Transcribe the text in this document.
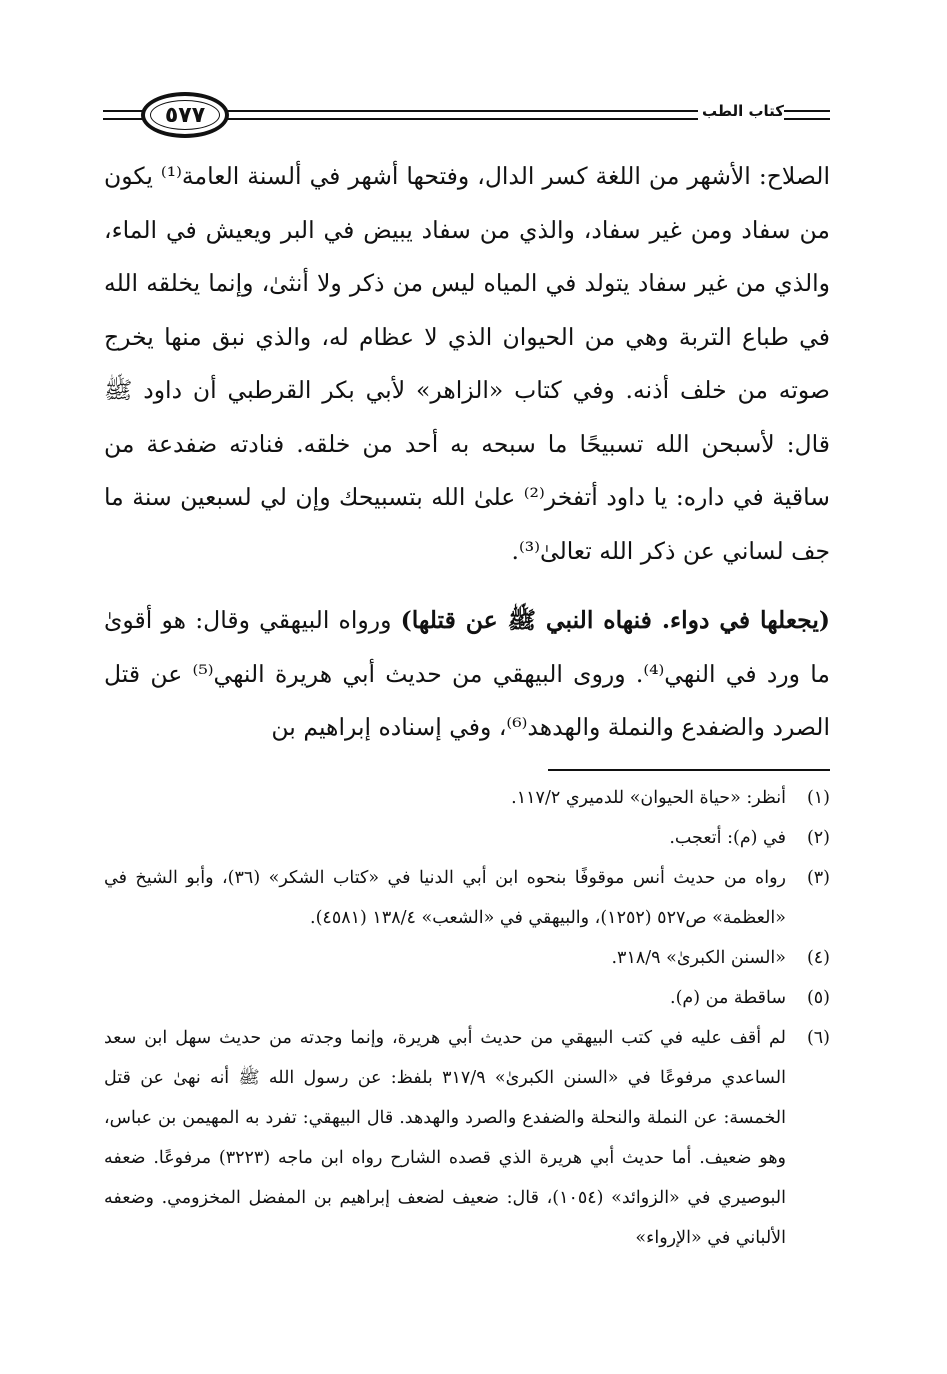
٥٧٧	كتاب الطب

الصلاح: الأشهر من اللغة كسر الدال، وفتحها أشهر في ألسنة العامة⁽¹⁾ يكون من سفاد ومن غير سفاد، والذي من سفاد يبيض في البر ويعيش في الماء، والذي من غير سفاد يتولد في المياه ليس من ذكر ولا أنثىٰ، وإنما يخلقه الله في طباع التربة وهي من الحيوان الذي لا عظام له، والذي نبق منها يخرج صوته من خلف أذنه. وفي كتاب «الزاهر» لأبي بكر القرطبي أن داود ﷺ قال: لأسبحن الله تسبيحًا ما سبحه به أحد من خلقه. فنادته ضفدعة من ساقية في داره: يا داود أتفخر⁽²⁾ علىٰ الله بتسبيحك وإن لي لسبعين سنة ما جف لساني عن ذكر الله تعالىٰ⁽³⁾.

(يجعلها في دواء. فنهاه النبي ﷺ عن قتلها) ورواه البيهقي وقال: هو أقوىٰ ما ورد في النهي⁽⁴⁾. وروى البيهقي من حديث أبي هريرة النهي⁽⁵⁾ عن قتل الصرد والضفدع والنملة والهدهد⁽⁶⁾، وفي إسناده إبراهيم بن

(١)
أنظر: «حياة الحيوان» للدميري ١١٧/٢.
(٢)
في (م): أتعجب.
(٣)
رواه من حديث أنس موقوفًا بنحوه ابن أبي الدنيا في «كتاب الشكر» (٣٦)، وأبو الشيخ في «العظمة» ص٥٢٧ (١٢٥٢)، والبيهقي في «الشعب» ١٣٨/٤ (٤٥٨١).
(٤)
«السنن الكبرىٰ» ٣١٨/٩.
(٥)
ساقطة من (م).
(٦)
لم أقف عليه في كتب البيهقي من حديث أبي هريرة، وإنما وجدته من حديث سهل ابن سعد الساعدي مرفوعًا في «السنن الكبرىٰ» ٣١٧/٩ بلفظ: عن رسول الله ﷺ أنه نهىٰ عن قتل الخمسة: عن النملة والنحلة والضفدع والصرد والهدهد. قال البيهقي: تفرد به المهيمن بن عباس، وهو ضعيف. أما حديث أبي هريرة الذي قصده الشارح رواه ابن ماجه (٣٢٢٣) مرفوعًا. ضعفه البوصيري في «الزوائد» (١٠٥٤)، قال: ضعيف لضعف إبراهيم بن المفضل المخزومي. وضعفه الألباني في «الإرواء»
